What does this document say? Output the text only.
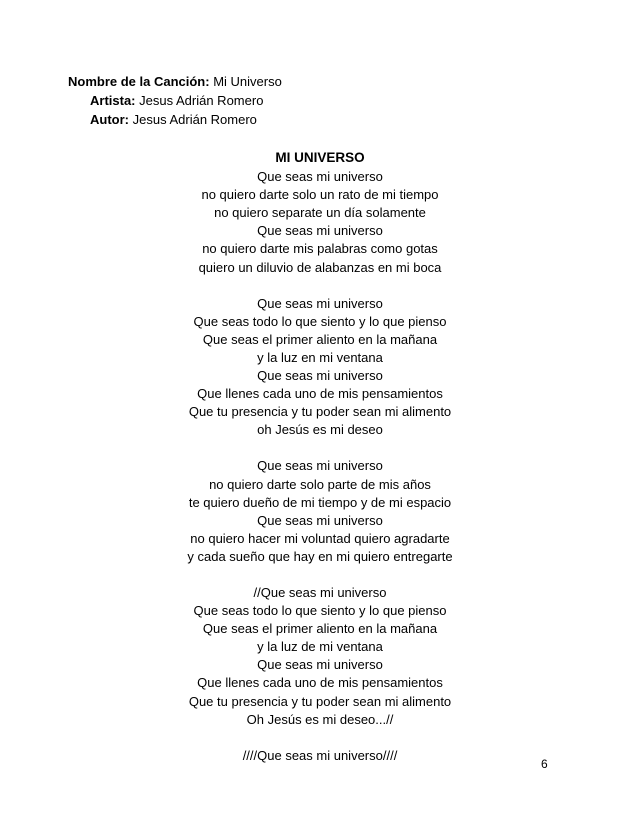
Nombre de la Canción: Mi Universo
Artista: Jesus Adrián Romero
Autor: Jesus Adrián Romero
MI UNIVERSO
Que seas mi universo
no quiero darte solo un rato de mi tiempo
no quiero separate un día solamente
Que seas mi universo
no quiero darte mis palabras como gotas
quiero un diluvio de alabanzas en mi boca
Que seas mi universo
Que seas todo lo que siento y lo que pienso
Que seas el primer aliento en la mañana
y la luz en mi ventana
Que seas mi universo
Que llenes cada uno de mis pensamientos
Que tu presencia y tu poder sean mi alimento
oh Jesús es mi deseo
Que seas mi universo
no quiero darte solo parte de mis años
te quiero dueño de mi tiempo y de mi espacio
Que seas mi universo
no quiero hacer mi voluntad quiero agradarte
y cada sueño que hay en mi quiero entregarte
//Que seas mi universo
Que seas todo lo que siento y lo que pienso
Que seas el primer aliento en la mañana
y la luz de mi ventana
Que seas mi universo
Que llenes cada uno de mis pensamientos
Que tu presencia y tu poder sean mi alimento
Oh Jesús es mi deseo...//
////Que seas mi universo////
6
